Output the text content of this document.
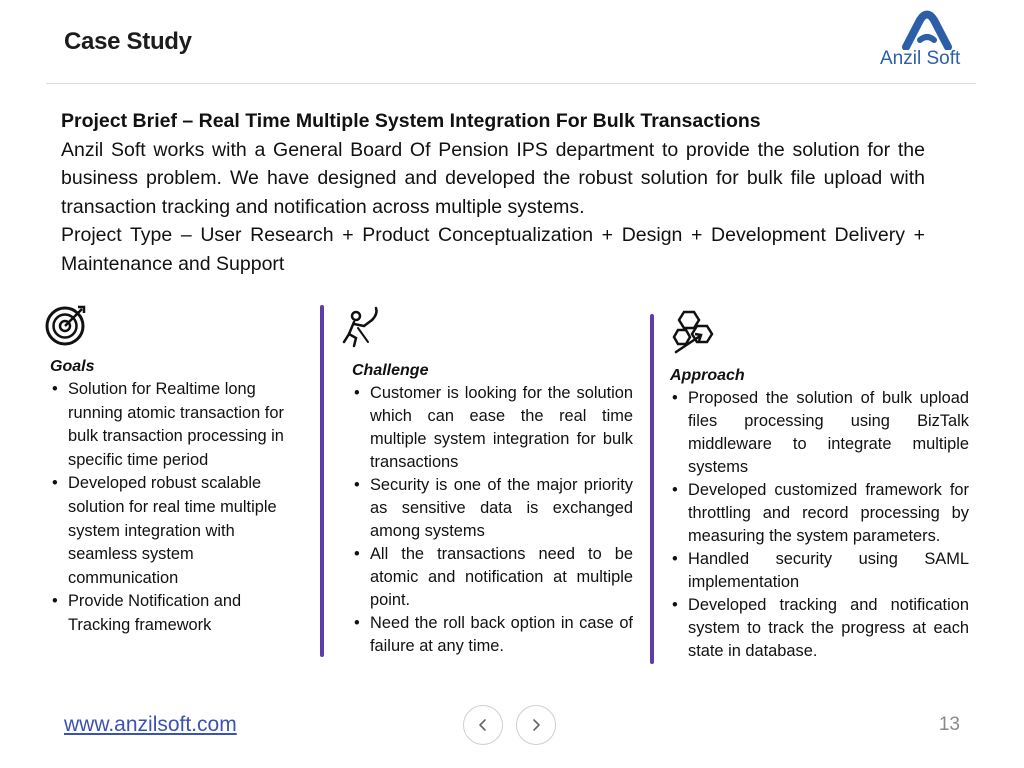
Case Study
Anzil Soft
Project Brief – Real Time Multiple System Integration For Bulk Transactions

Anzil Soft works with a General Board Of Pension IPS department to provide the solution for the business problem. We have designed and developed the robust solution for bulk file upload with transaction tracking and notification across multiple systems.

Project Type – User Research + Product Conceptualization + Design + Development Delivery + Maintenance and Support

Goals
• Solution for Realtime long running atomic transaction for bulk transaction processing in specific time period
• Developed robust scalable solution for real time multiple system integration with seamless system communication
• Provide Notification and Tracking framework
Challenge
• Customer is looking for the solution which can ease the real time multiple system integration for bulk transactions
• Security is one of the major priority as sensitive data is exchanged among systems
• All the transactions need to be atomic and notification at multiple point.
• Need the roll back option in case of failure at any time.
Approach
• Proposed the solution of bulk upload files processing using BizTalk middleware to integrate multiple systems
• Developed customized framework for throttling and record processing by measuring the system parameters.
• Handled security using SAML implementation
• Developed tracking and notification system to track the progress at each state in database.
www.anzilsoft.com	13
